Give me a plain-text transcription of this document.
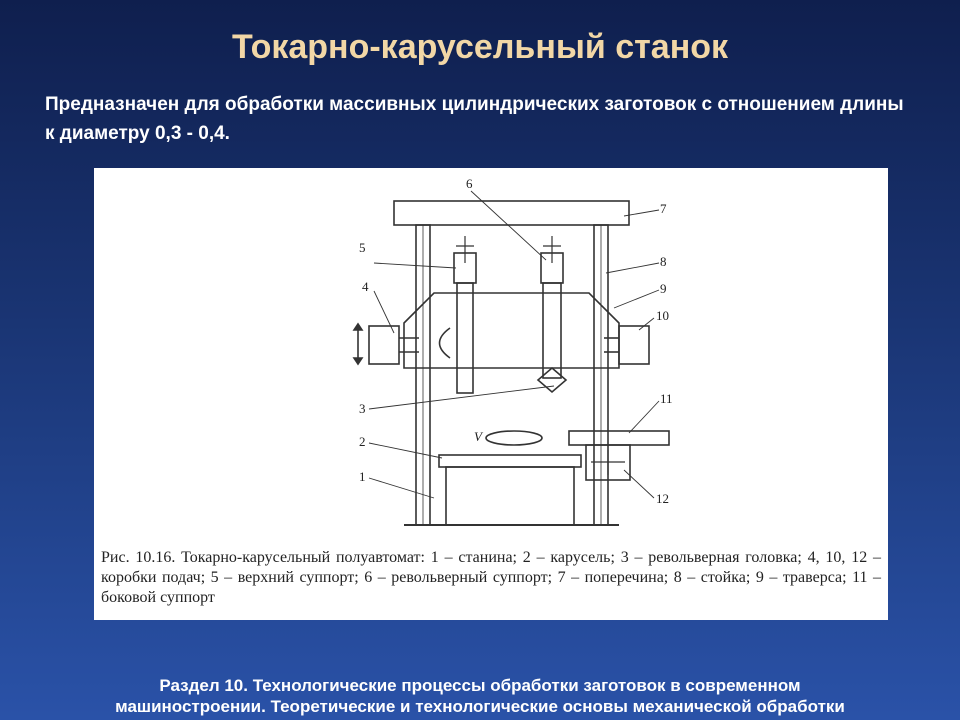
Токарно-карусельный станок
Предназначен для обработки массивных цилиндрических заготовок с отношением длины к диаметру 0,3 - 0,4.
5
6
7
8
9
10
4
3
2
1
11
12
V
Рис. 10.16. Токарно-карусельный полуавтомат: 1 – станина; 2 – карусель; 3 – револьверная головка; 4, 10, 12 – коробки подач; 5 – верхний суппорт; 6 – револьверный суппорт; 7 – поперечина; 8 – стойка; 9 – траверса; 11 – боковой суппорт
Раздел 10. Технологические процессы обработки заготовок в современном
машиностроении. Теоретические и технологические основы механической обработки
